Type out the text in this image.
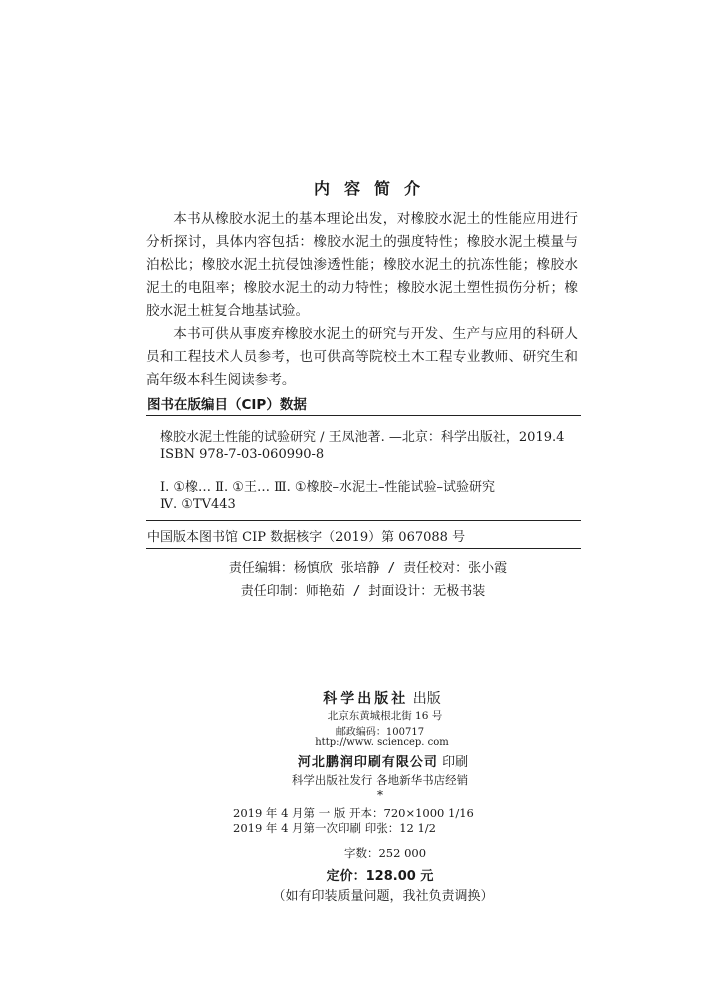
内容简介

本书从橡胶水泥土的基本理论出发，对橡胶水泥土的性能应用进行分析探讨，具体内容包括：橡胶水泥土的强度特性；橡胶水泥土模量与泊松比；橡胶水泥土抗侵蚀渗透性能；橡胶水泥土的抗冻性能；橡胶水泥土的电阻率；橡胶水泥土的动力特性；橡胶水泥土塑性损伤分析；橡胶水泥土桩复合地基试验。

本书可供从事废弃橡胶水泥土的研究与开发、生产与应用的科研人员和工程技术人员参考，也可供高等院校土木工程专业教师、研究生和高年级本科生阅读参考。

图书在版编目（CIP）数据
橡胶水泥土性能的试验研究 / 王凤池著. —北京：科学出版社，2019.4
ISBN 978-7-03-060990-8
Ⅰ. ①橡… Ⅱ. ①王… Ⅲ. ①橡胶–水泥土–性能试验–试验研究
Ⅳ. ①TV443
中国版本图书馆 CIP 数据核字（2019）第 067088 号
责任编辑：杨慎欣 张培静 / 责任校对：张小霞
责任印制：师艳茹 / 封面设计：无极书装
科学出版社 出版
北京东黄城根北街 16 号
邮政编码：100717
http://www. sciencep. com
河北鹏润印刷有限公司 印刷
科学出版社发行 各地新华书店经销
*
2019 年 4 月第 一 版 开本：720×1000 1/16
2019 年 4 月第一次印刷 印张：12 1/2
字数：252 000
定价：128.00 元
（如有印装质量问题，我社负责调换）
